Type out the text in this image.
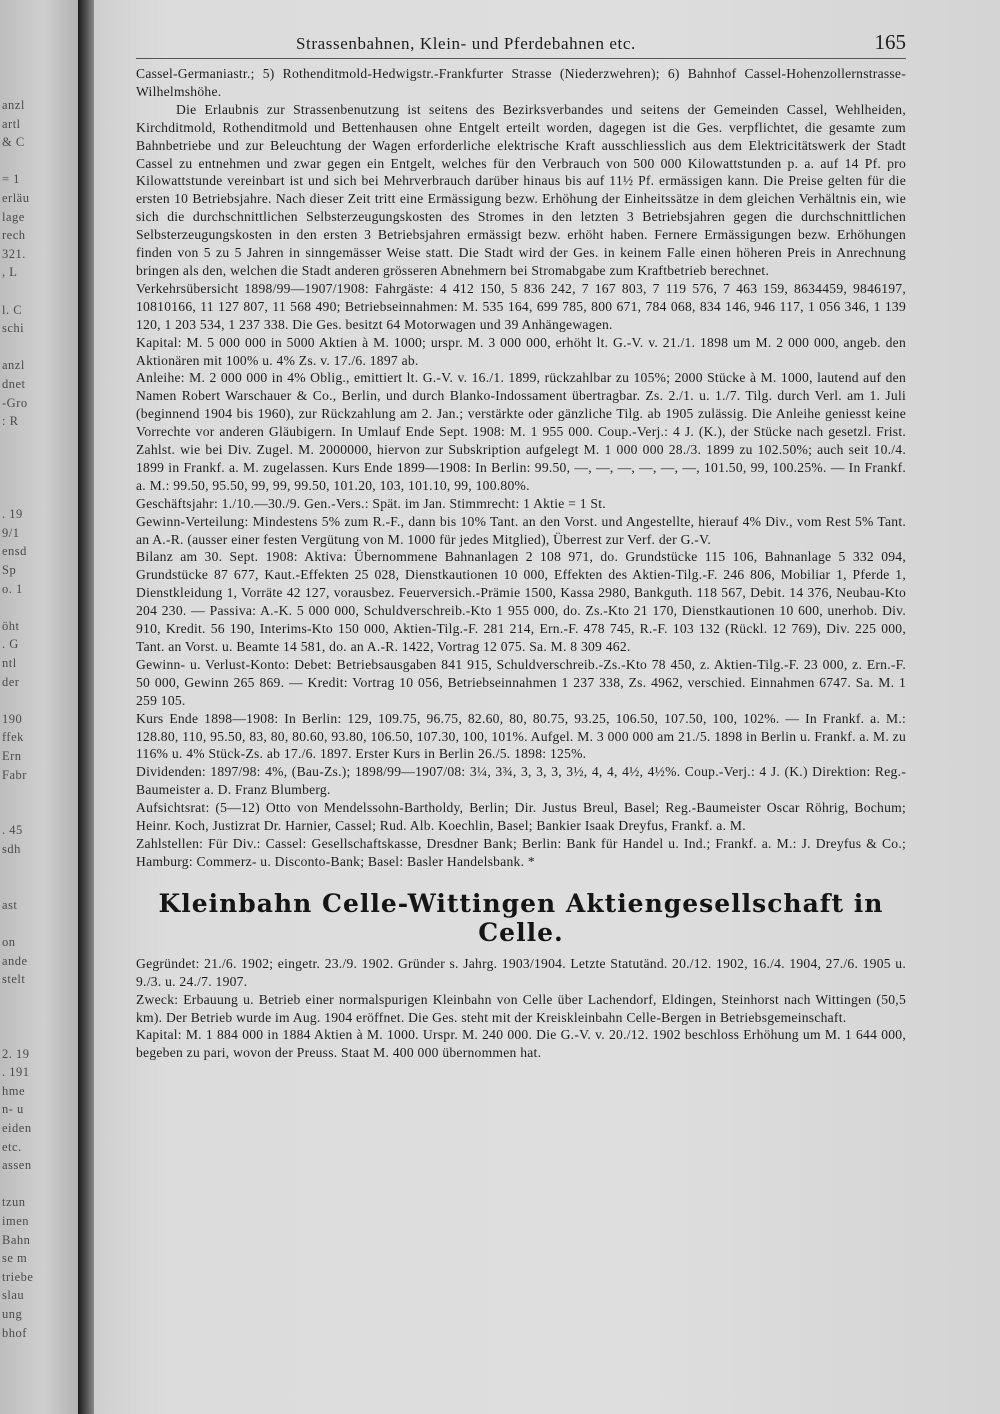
anzl
artl
& C
= 1
erläu
lage
rech
321.
, L
l. C
schi
anzl
dnet
-Gro
: R
. 19
9/1
ensd
Sp
o. 1
öht
. G
ntl
der
190
ffek
Ern
Fabr
. 45
sdh
ast
on
ande
stelt
2. 19
. 191
hme
n- u
eiden
etc.
assen
tzun
imen
Bahn
se m
triebe
slau
ung
bhof
Strassenbahnen, Klein- und Pferdebahnen etc.	165

Cassel-Germaniastr.; 5) Rothenditmold-Hedwigstr.-Frankfurter Strasse (Niederzwehren); 6) Bahnhof Cassel-Hohenzollernstrasse-Wilhelmshöhe.

Die Erlaubnis zur Strassenbenutzung ist seitens des Bezirksverbandes und seitens der Gemeinden Cassel, Wehlheiden, Kirchditmold, Rothenditmold und Bettenhausen ohne Entgelt erteilt worden, dagegen ist die Ges. verpflichtet, die gesamte zum Bahnbetriebe und zur Beleuchtung der Wagen erforderliche elektrische Kraft ausschliesslich aus dem Elektricitätswerk der Stadt Cassel zu entnehmen und zwar gegen ein Entgelt, welches für den Verbrauch von 500 000 Kilowattstunden p. a. auf 14 Pf. pro Kilowattstunde vereinbart ist und sich bei Mehrverbrauch darüber hinaus bis auf 11½ Pf. ermässigen kann. Die Preise gelten für die ersten 10 Betriebsjahre. Nach dieser Zeit tritt eine Ermässigung bezw. Erhöhung der Einheitssätze in dem gleichen Verhältnis ein, wie sich die durchschnittlichen Selbsterzeugungskosten des Stromes in den letzten 3 Betriebsjahren gegen die durchschnittlichen Selbsterzeugungskosten in den ersten 3 Betriebsjahren ermässigt bezw. erhöht haben. Fernere Ermässigungen bezw. Erhöhungen finden von 5 zu 5 Jahren in sinngemässer Weise statt. Die Stadt wird der Ges. in keinem Falle einen höheren Preis in Anrechnung bringen als den, welchen die Stadt anderen grösseren Abnehmern bei Stromabgabe zum Kraftbetrieb berechnet.

Verkehrsübersicht 1898/99—1907/1908: Fahrgäste: 4 412 150, 5 836 242, 7 167 803, 7 119 576, 7 463 159, 8634459, 9846197, 10810166, 11 127 807, 11 568 490; Betriebseinnahmen: M. 535 164, 699 785, 800 671, 784 068, 834 146, 946 117, 1 056 346, 1 139 120, 1 203 534, 1 237 338. Die Ges. besitzt 64 Motorwagen und 39 Anhängewagen.

Kapital: M. 5 000 000 in 5000 Aktien à M. 1000; urspr. M. 3 000 000, erhöht lt. G.-V. v. 21./1. 1898 um M. 2 000 000, angeb. den Aktionären mit 100% u. 4% Zs. v. 17./6. 1897 ab.

Anleihe: M. 2 000 000 in 4% Oblig., emittiert lt. G.-V. v. 16./1. 1899, rückzahlbar zu 105%; 2000 Stücke à M. 1000, lautend auf den Namen Robert Warschauer & Co., Berlin, und durch Blanko-Indossament übertragbar. Zs. 2./1. u. 1./7. Tilg. durch Verl. am 1. Juli (beginnend 1904 bis 1960), zur Rückzahlung am 2. Jan.; verstärkte oder gänzliche Tilg. ab 1905 zulässig. Die Anleihe geniesst keine Vorrechte vor anderen Gläubigern. In Umlauf Ende Sept. 1908: M. 1 955 000. Coup.-Verj.: 4 J. (K.), der Stücke nach gesetzl. Frist. Zahlst. wie bei Div. Zugel. M. 2000000, hiervon zur Subskription aufgelegt M. 1 000 000 28./3. 1899 zu 102.50%; auch seit 10./4. 1899 in Frankf. a. M. zugelassen. Kurs Ende 1899—1908: In Berlin: 99.50, —, —, —, —, —, —, 101.50, 99, 100.25%. — In Frankf. a. M.: 99.50, 95.50, 99, 99, 99.50, 101.20, 103, 101.10, 99, 100.80%.

Geschäftsjahr: 1./10.—30./9. Gen.-Vers.: Spät. im Jan. Stimmrecht: 1 Aktie = 1 St.

Gewinn-Verteilung: Mindestens 5% zum R.-F., dann bis 10% Tant. an den Vorst. und Angestellte, hierauf 4% Div., vom Rest 5% Tant. an A.-R. (ausser einer festen Vergütung von M. 1000 für jedes Mitglied), Überrest zur Verf. der G.-V.

Bilanz am 30. Sept. 1908: Aktiva: Übernommene Bahnanlagen 2 108 971, do. Grundstücke 115 106, Bahnanlage 5 332 094, Grundstücke 87 677, Kaut.-Effekten 25 028, Dienstkautionen 10 000, Effekten des Aktien-Tilg.-F. 246 806, Mobiliar 1, Pferde 1, Dienstkleidung 1, Vorräte 42 127, vorausbez. Feuerversich.-Prämie 1500, Kassa 2980, Bankguth. 118 567, Debit. 14 376, Neubau-Kto 204 230. — Passiva: A.-K. 5 000 000, Schuldverschreib.-Kto 1 955 000, do. Zs.-Kto 21 170, Dienstkautionen 10 600, unerhob. Div. 910, Kredit. 56 190, Interims-Kto 150 000, Aktien-Tilg.-F. 281 214, Ern.-F. 478 745, R.-F. 103 132 (Rückl. 12 769), Div. 225 000, Tant. an Vorst. u. Beamte 14 581, do. an A.-R. 1422, Vortrag 12 075. Sa. M. 8 309 462.

Gewinn- u. Verlust-Konto: Debet: Betriebsausgaben 841 915, Schuldverschreib.-Zs.-Kto 78 450, z. Aktien-Tilg.-F. 23 000, z. Ern.-F. 50 000, Gewinn 265 869. — Kredit: Vortrag 10 056, Betriebseinnahmen 1 237 338, Zs. 4962, verschied. Einnahmen 6747. Sa. M. 1 259 105.

Kurs Ende 1898—1908: In Berlin: 129, 109.75, 96.75, 82.60, 80, 80.75, 93.25, 106.50, 107.50, 100, 102%. — In Frankf. a. M.: 128.80, 110, 95.50, 83, 80, 80.60, 93.80, 106.50, 107.30, 100, 101%. Aufgel. M. 3 000 000 am 21./5. 1898 in Berlin u. Frankf. a. M. zu 116% u. 4% Stück-Zs. ab 17./6. 1897. Erster Kurs in Berlin 26./5. 1898: 125%.

Dividenden: 1897/98: 4%, (Bau-Zs.); 1898/99—1907/08: 3¼, 3¾, 3, 3, 3, 3½, 4, 4, 4½, 4½%. Coup.-Verj.: 4 J. (K.) Direktion: Reg.-Baumeister a. D. Franz Blumberg.

Aufsichtsrat: (5—12) Otto von Mendelssohn-Bartholdy, Berlin; Dir. Justus Breul, Basel; Reg.-Baumeister Oscar Röhrig, Bochum; Heinr. Koch, Justizrat Dr. Harnier, Cassel; Rud. Alb. Koechlin, Basel; Bankier Isaak Dreyfus, Frankf. a. M.

Zahlstellen: Für Div.: Cassel: Gesellschaftskasse, Dresdner Bank; Berlin: Bank für Handel u. Ind.; Frankf. a. M.: J. Dreyfus & Co.; Hamburg: Commerz- u. Disconto-Bank; Basel: Basler Handelsbank. *

Kleinbahn Celle-Wittingen Aktiengesellschaft in Celle.

Gegründet: 21./6. 1902; eingetr. 23./9. 1902. Gründer s. Jahrg. 1903/1904. Letzte Statutänd. 20./12. 1902, 16./4. 1904, 27./6. 1905 u. 9./3. u. 24./7. 1907.

Zweck: Erbauung u. Betrieb einer normalspurigen Kleinbahn von Celle über Lachendorf, Eldingen, Steinhorst nach Wittingen (50,5 km). Der Betrieb wurde im Aug. 1904 eröffnet. Die Ges. steht mit der Kreiskleinbahn Celle-Bergen in Betriebsgemeinschaft.

Kapital: M. 1 884 000 in 1884 Aktien à M. 1000. Urspr. M. 240 000. Die G.-V. v. 20./12. 1902 beschloss Erhöhung um M. 1 644 000, begeben zu pari, wovon der Preuss. Staat M. 400 000 übernommen hat.
